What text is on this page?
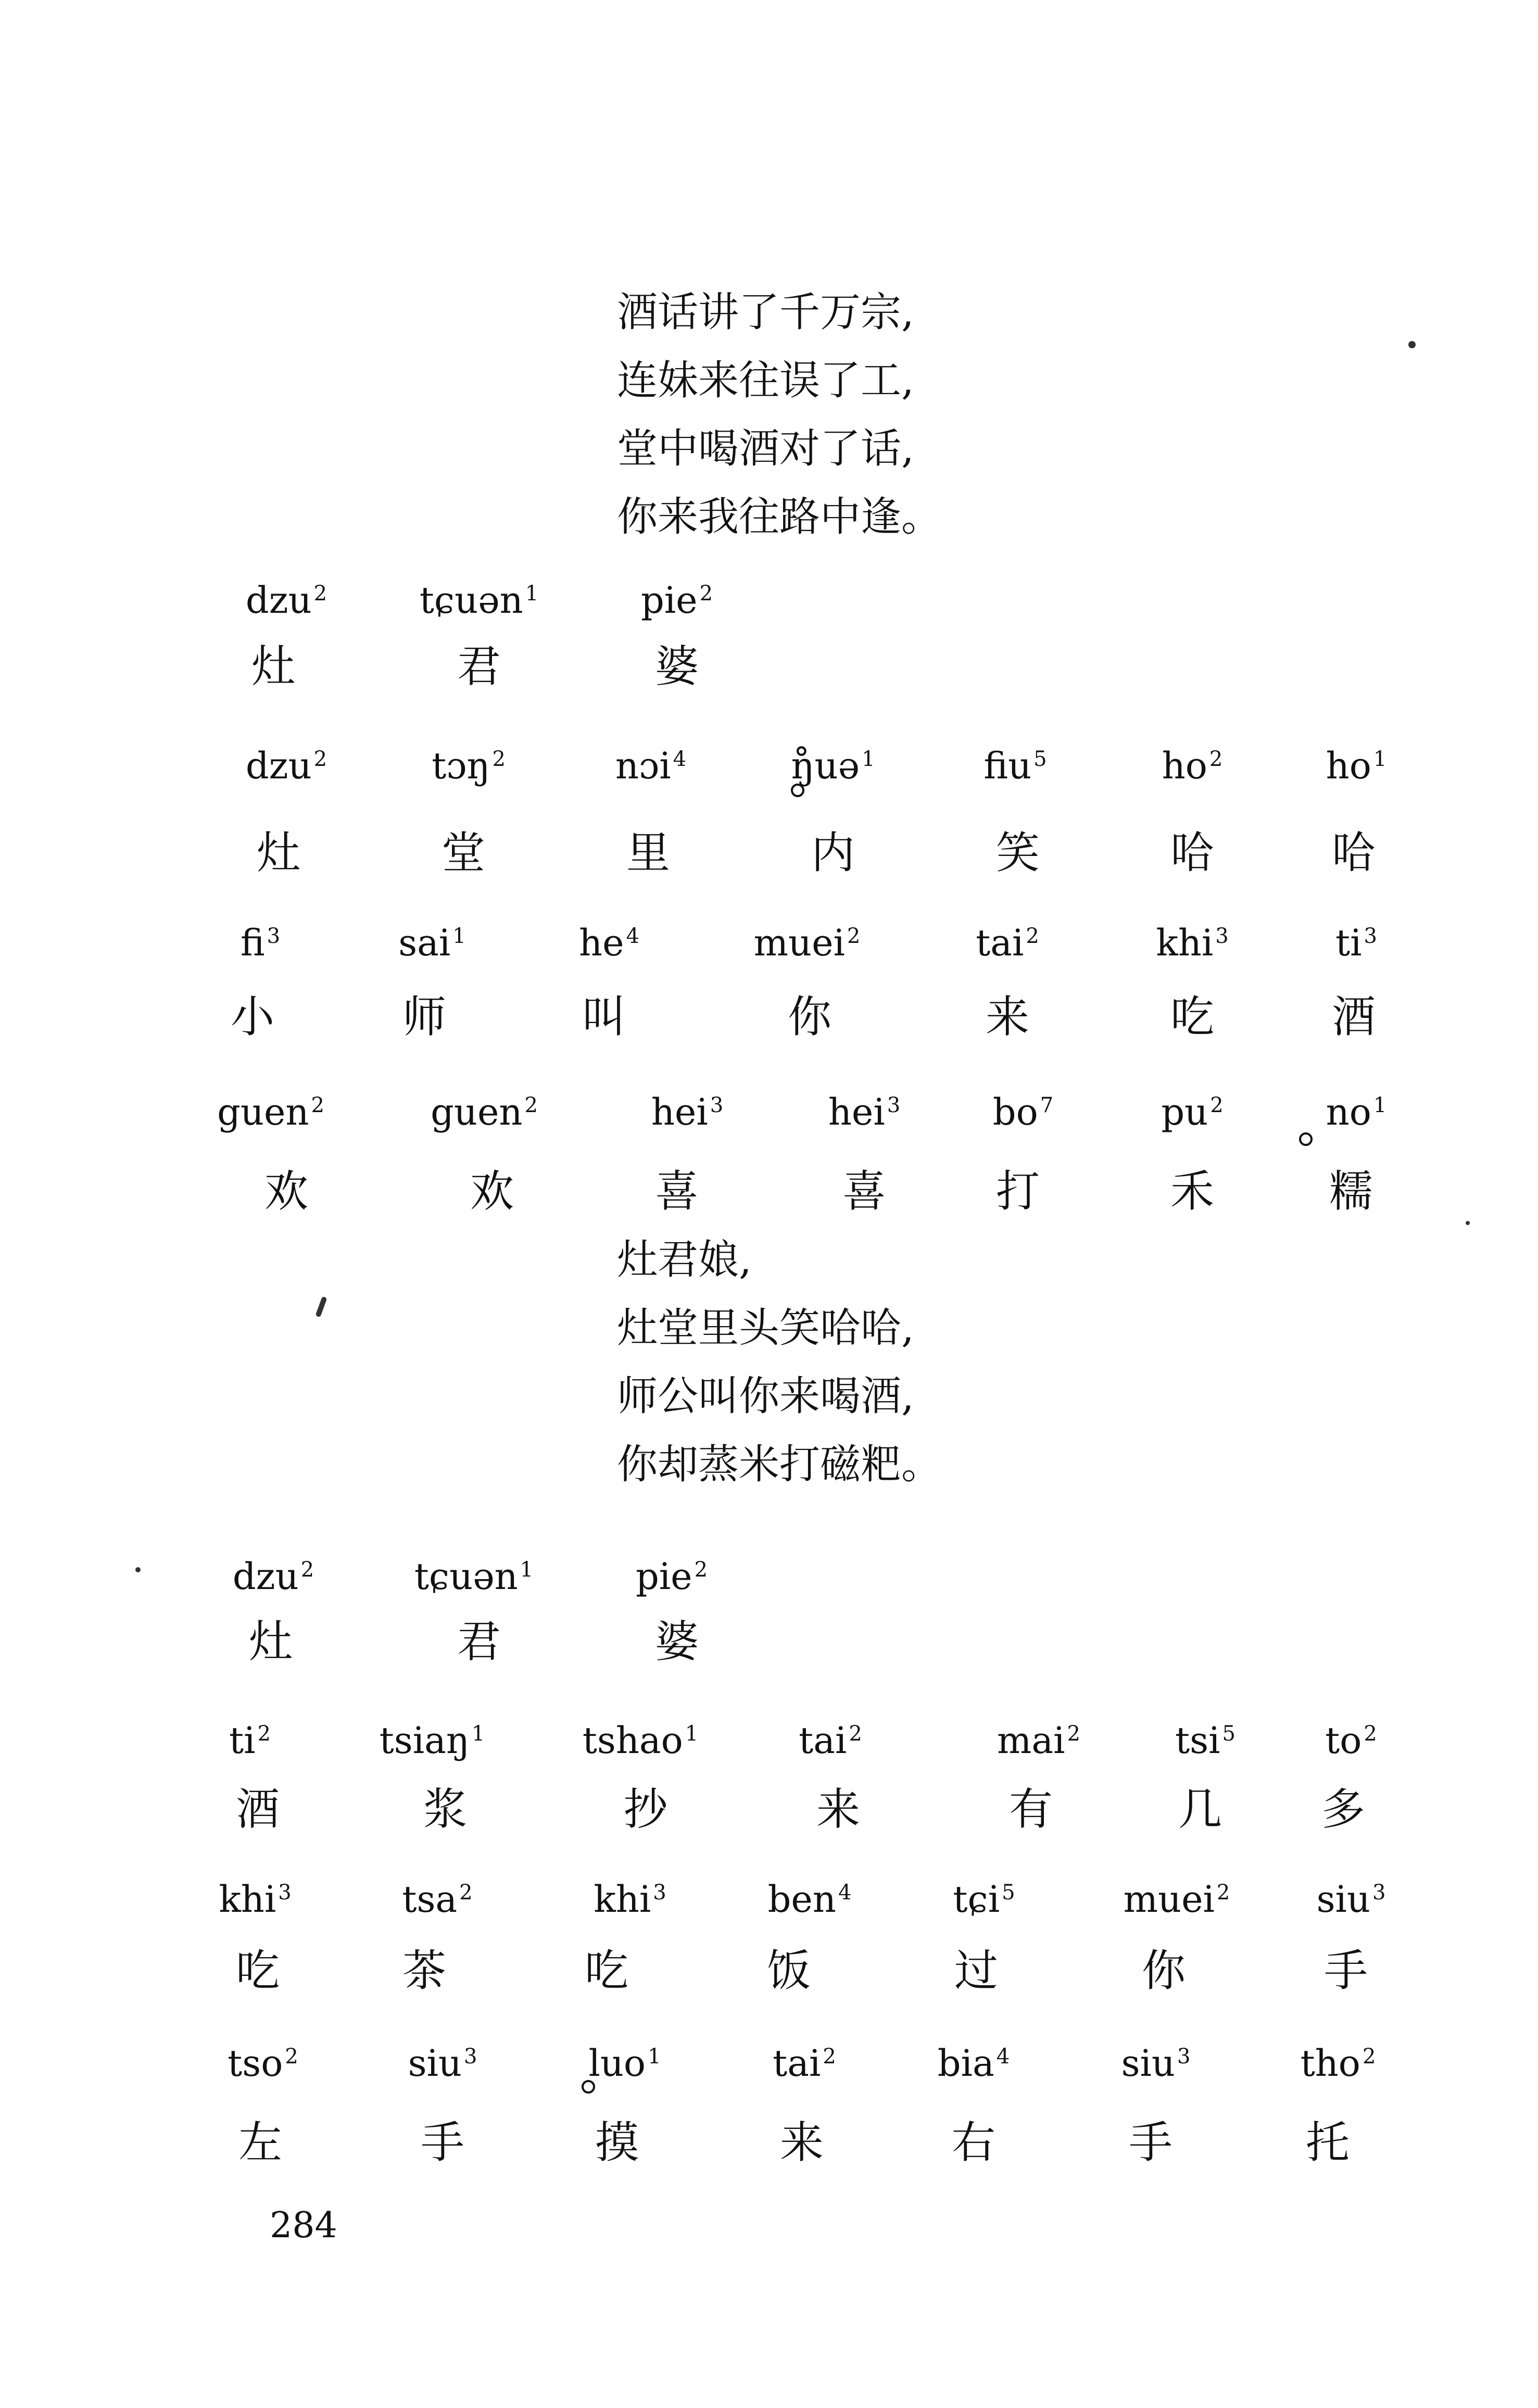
酒话讲了千万宗,
连妹来往误了工,
堂中喝酒对了话,
你来我往路中逢。
dzu $^2$	tɕuən $^1$	pie $^2$
灶	君	婆
dzu $^2$	tɔŋ $^2$	nɔi $^4$	ŋ̊uə $^1$	fiu $^5$	ho $^2$	ho $^1$
灶	堂	里	内	笑	哈	哈
fi $^3$	sai $^1$	he $^4$	muei $^2$	tai $^2$	khi $^3$	ti $^3$
小	师	叫	你	来	吃	酒
guen $^2$	guen $^2$	hei $^3$	hei $^3$	bo $^7$	pu $^2$	no $^1$
欢	欢	喜	喜	打	禾	糯
灶君娘,
灶堂里头笑哈哈,
师公叫你来喝酒,
你却蒸米打磁粑。
dzu $^2$	tɕuən $^1$	pie $^2$
灶	君	婆
ti $^2$	tsiaŋ $^1$	tshao $^1$	tai $^2$	mai $^2$	tsi $^5$	to $^2$
酒	浆	抄	来	有	几	多
khi $^3$	tsa $^2$	khi $^3$	ben $^4$	tɕi $^5$	muei $^2$	siu $^3$
吃	茶	吃	饭	过	你	手
tso $^2$	siu $^3$	luo $^1$	tai $^2$	bia $^4$	siu $^3$	tho $^2$
左	手	摸	来	右	手	托
284
